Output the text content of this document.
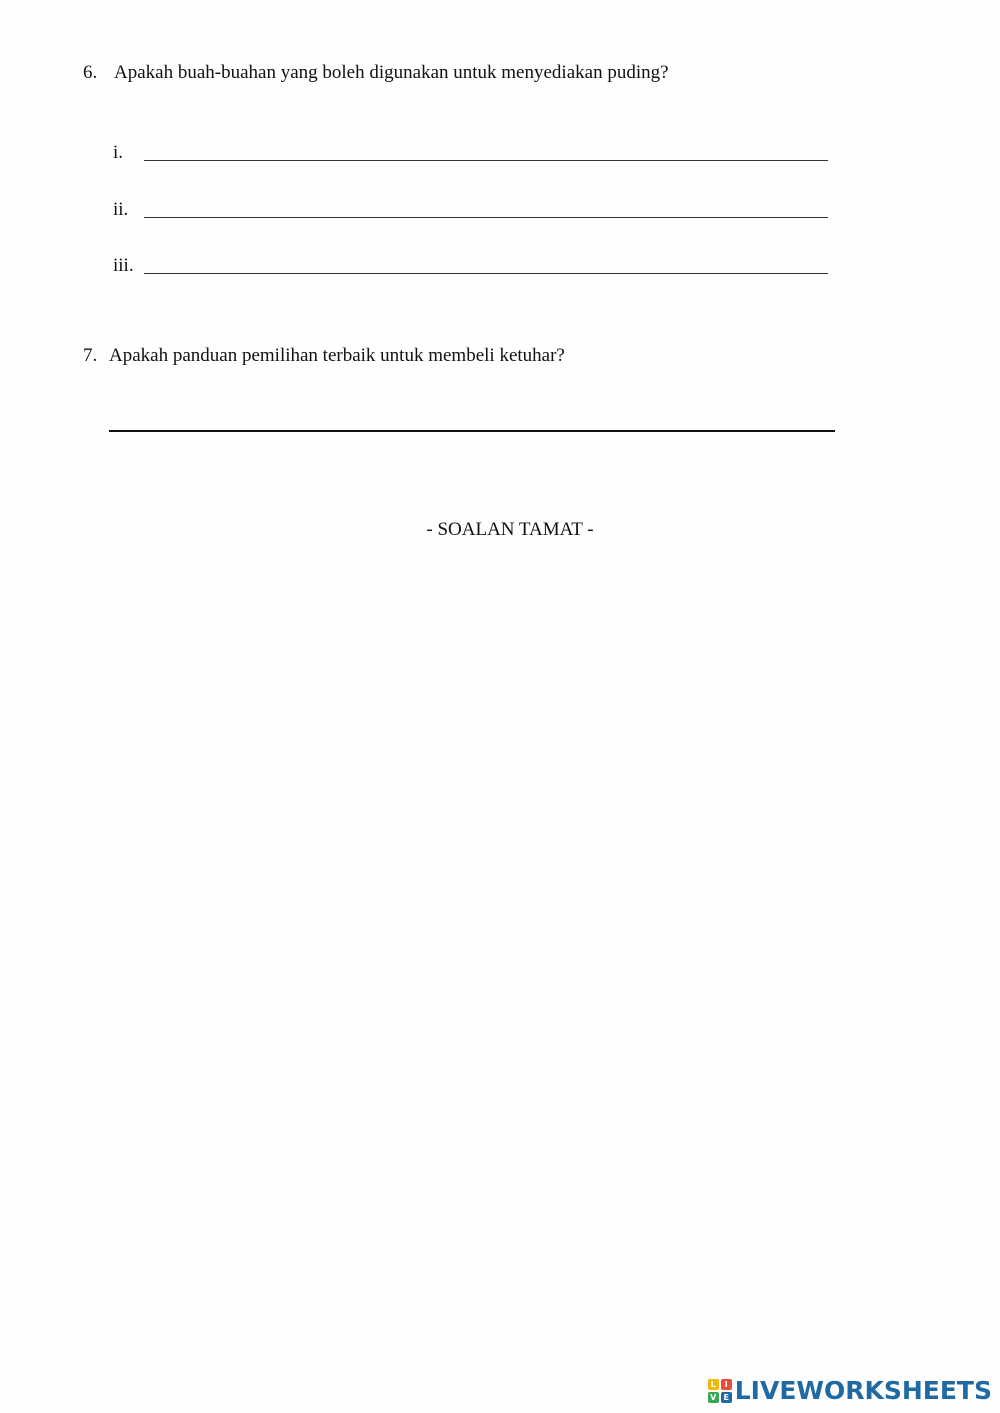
6. Apakah buah-buahan yang boleh digunakan untuk menyediakan puding?
i.
ii.
iii.
7. Apakah panduan pemilihan terbaik untuk membeli ketuhar?
- SOALAN TAMAT -
L	I
V E LIVEWORKSHEETS
